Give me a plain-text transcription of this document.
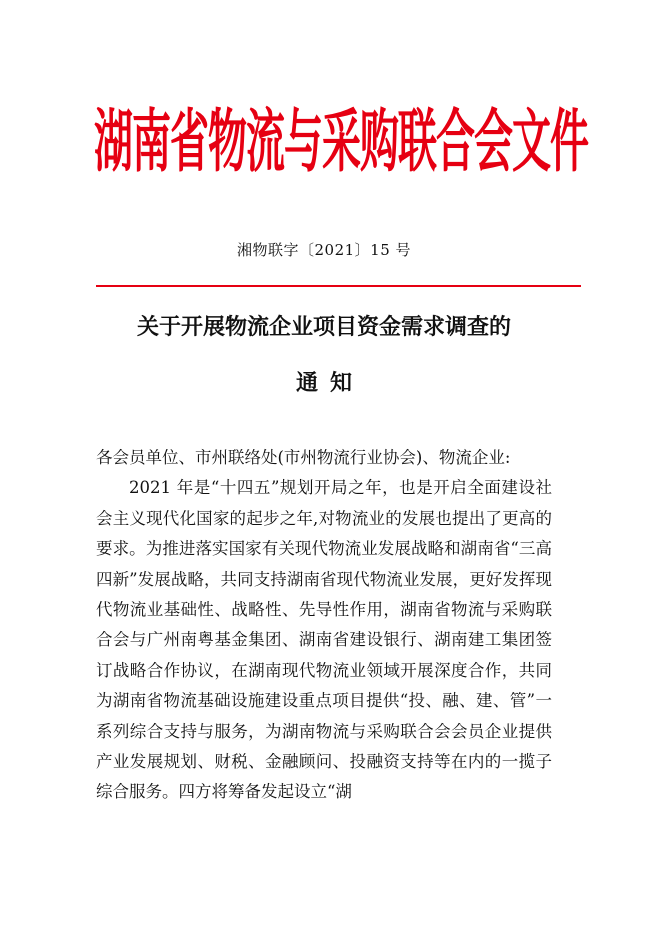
湖南省物流与采购联合会文件
湘物联字〔2021〕15 号
关于开展物流企业项目资金需求调查的
通知

各会员单位、市州联络处(市州物流行业协会)、物流企业:

2021 年是“十四五”规划开局之年，也是开启全面建设社会主义现代化国家的起步之年,对物流业的发展也提出了更高的要求。为推进落实国家有关现代物流业发展战略和湖南省“三高四新”发展战略，共同支持湖南省现代物流业发展，更好发挥现代物流业基础性、战略性、先导性作用，湖南省物流与采购联合会与广州南粤基金集团、湖南省建设银行、湖南建工集团签订战略合作协议，在湖南现代物流业领域开展深度合作，共同为湖南省物流基础设施建设重点项目提供“投、融、建、管”一系列综合支持与服务，为湖南物流与采购联合会会员企业提供产业发展规划、财税、金融顾问、投融资支持等在内的一揽子综合服务。四方将筹备发起设立“湖
